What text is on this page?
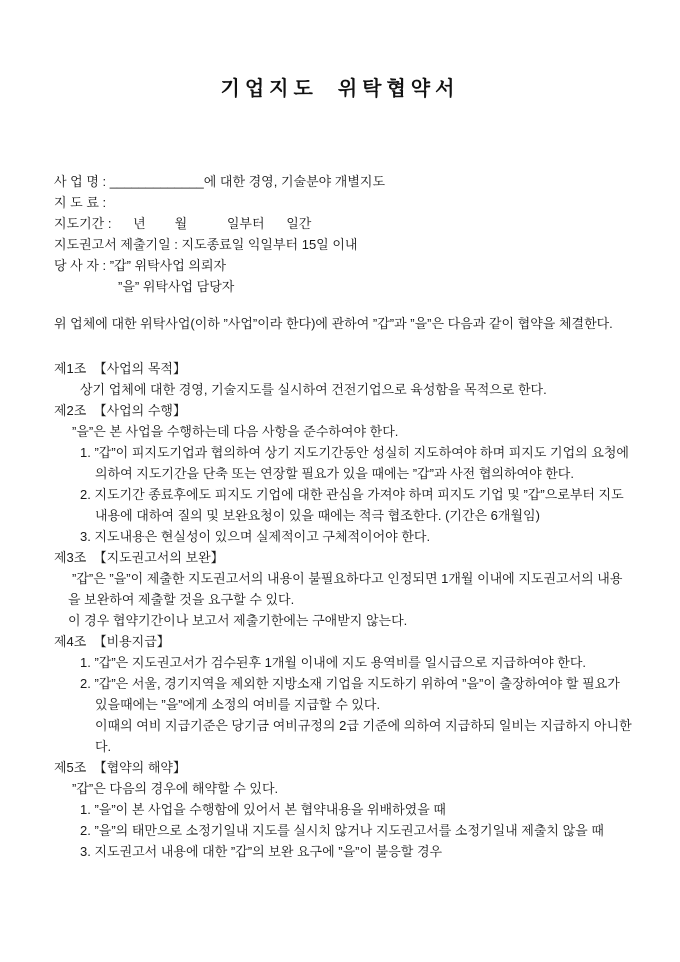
기업지도  위탁협약서
사 업 명 : _____________에 대한 경영, 기술분야 개별지도
지 도 료 :
지도기간 :      년        월           일부터      일간
지도권고서 제출기일 : 지도종료일 익일부터 15일 이내
당 사 자 : ”갑” 위탁사업 의뢰자
”을” 위탁사업 담당자
위 업체에 대한 위탁사업(이하 ”사업”이라 한다)에 관하여 ”갑”과 ”을”은 다음과 같이 협약을 체결한다.
제1조  【사업의 목적】
상기 업체에 대한 경영, 기술지도를 실시하여 건전기업으로 육성함을 목적으로 한다.
제2조  【사업의 수행】
”을”은 본 사업을 수행하는데 다음 사항을 준수하여야 한다.
1. ”갑”이 피지도기업과 협의하여 상기 지도기간동안 성실히 지도하여야 하며 피지도 기업의 요청에
의하여 지도기간을 단축 또는 연장할 필요가 있을 때에는 ”갑”과 사전 협의하여야 한다.
2. 지도기간 종료후에도 피지도 기업에 대한 관심을 가져야 하며 피지도 기업 및 ”갑”으로부터 지도
내용에 대하여 질의 및 보완요청이 있을 때에는 적극 협조한다. (기간은 6개월임)
3. 지도내용은 현실성이 있으며 실제적이고 구체적이어야 한다.
제3조  【지도권고서의 보완】
”갑”은 ”을”이 제출한 지도권고서의 내용이 불필요하다고 인정되면 1개월 이내에 지도권고서의 내용
을 보완하여 제출할 것을 요구할 수 있다.
이 경우 협약기간이나 보고서 제출기한에는 구애받지 않는다.
제4조  【비용지급】
1. ”갑”은 지도권고서가 검수된후 1개월 이내에 지도 용역비를 일시급으로 지급하여야 한다.
2. ”갑”은 서울, 경기지역을 제외한 지방소재 기업을 지도하기 위하여 ”을”이 출장하여야 할 필요가
있을때에는 ”을”에게 소정의 여비를 지급할 수 있다.
이때의 여비 지급기준은 당기금 여비규정의 2급 기준에 의하여 지급하되 일비는 지급하지 아니한
다.
제5조  【협약의 해약】
”갑”은 다음의 경우에 해약할 수 있다.
1. ”을”이 본 사업을 수행함에 있어서 본 협약내용을 위배하였을 때
2. ”을”의 태만으로 소정기일내 지도를 실시치 않거나 지도권고서를 소정기일내 제출치 않을 때
3. 지도권고서 내용에 대한 ”갑”의 보완 요구에 ”을”이 불응할 경우
